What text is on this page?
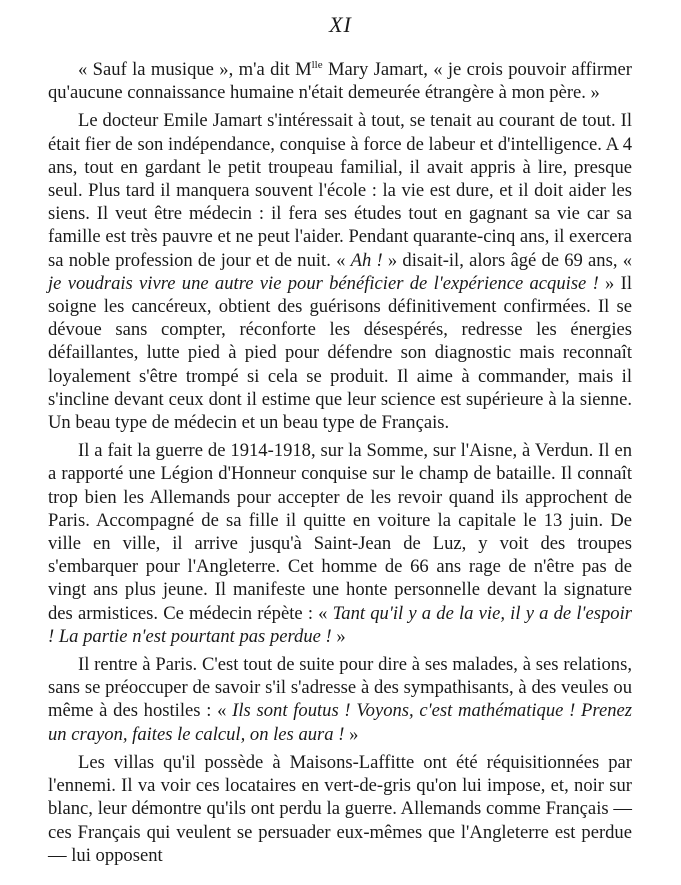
XI

« Sauf la musique », m'a dit $M^{lle}$ Mary Jamart, « je crois pouvoir affirmer qu'aucune connaissance humaine n'était demeurée étrangère à mon père. »

Le docteur Emile Jamart s'intéressait à tout, se tenait au courant de tout. Il était fier de son indépendance, conquise à force de labeur et d'intelligence. A 4 ans, tout en gardant le petit troupeau familial, il avait appris à lire, presque seul. Plus tard il manquera souvent l'école : la vie est dure, et il doit aider les siens. Il veut être médecin : il fera ses études tout en gagnant sa vie car sa famille est très pauvre et ne peut l'aider. Pendant quarante-cinq ans, il exercera sa noble profession de jour et de nuit. « Ah ! » disait-il, alors âgé de 69 ans, « je voudrais vivre une autre vie pour bénéficier de l'expérience acquise ! » Il soigne les cancéreux, obtient des guérisons définitivement confirmées. Il se dévoue sans compter, réconforte les désespérés, redresse les énergies défaillantes, lutte pied à pied pour défendre son diagnostic mais reconnaît loyalement s'être trompé si cela se produit. Il aime à commander, mais il s'incline devant ceux dont il estime que leur science est supérieure à la sienne. Un beau type de médecin et un beau type de Français.

Il a fait la guerre de 1914-1918, sur la Somme, sur l'Aisne, à Verdun. Il en a rapporté une Légion d'Honneur conquise sur le champ de bataille. Il connaît trop bien les Allemands pour accepter de les revoir quand ils approchent de Paris. Accompagné de sa fille il quitte en voiture la capitale le 13 juin. De ville en ville, il arrive jusqu'à Saint-Jean de Luz, y voit des troupes s'embarquer pour l'Angleterre. Cet homme de 66 ans rage de n'être pas de vingt ans plus jeune. Il manifeste une honte personnelle devant la signature des armistices. Ce médecin répète : « Tant qu'il y a de la vie, il y a de l'espoir ! La partie n'est pourtant pas perdue ! »

Il rentre à Paris. C'est tout de suite pour dire à ses malades, à ses relations, sans se préoccuper de savoir s'il s'adresse à des sympathisants, à des veules ou même à des hostiles : « Ils sont foutus ! Voyons, c'est mathématique ! Prenez un crayon, faites le calcul, on les aura ! »

Les villas qu'il possède à Maisons-Laffitte ont été réquisitionnées par l'ennemi. Il va voir ces locataires en vert-de-gris qu'on lui impose, et, noir sur blanc, leur démontre qu'ils ont perdu la guerre. Allemands comme Français — ces Français qui veulent se persuader eux-mêmes que l'Angleterre est perdue — lui opposent
